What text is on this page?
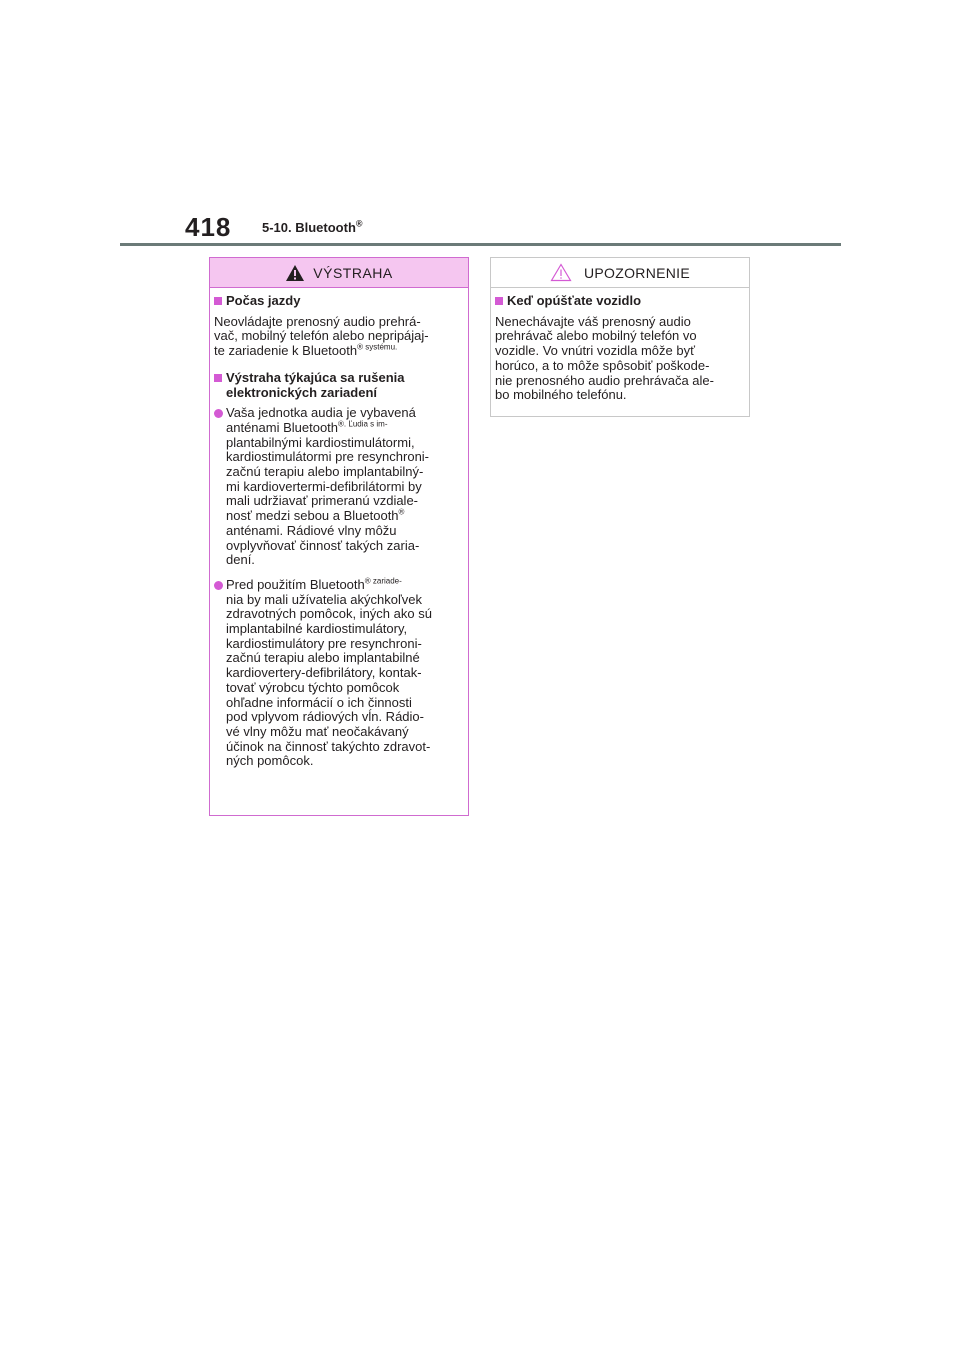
418 5-10. Bluetooth®
VÝSTRAHA
Počas jazdy
Neovládajte prenosný audio prehrá-
vač, mobilný telefón alebo nepripájaj-
te zariadenie k Bluetooth$^{® systému.}$
Výstraha týkajúca sa rušenia
elektronických zariadení
Vaša jednotka audia je vybavená
anténami Bluetooth$^{®. Ľudia s im-}$
plantabilnými kardiostimulátormi,
kardiostimulátormi pre resynchroni-
začnú terapiu alebo implantabilný-
mi kardiovertermi-defibrilátormi by
mali udržiavať primeranú vzdiale-
nosť medzi sebou a Bluetooth®
anténami. Rádiové vlny môžu
ovplyvňovať činnosť takých zaria-
dení.
Pred použitím Bluetooth$^{® zariade-}$
nia by mali užívatelia akýchkoľvek
zdravotných pomôcok, iných ako sú
implantabilné kardiostimulátory,
kardiostimulátory pre resynchroni-
začnú terapiu alebo implantabilné
kardiovertery-defibrilátory, kontak-
tovať výrobcu týchto pomôcok
ohľadne informácií o ich činnosti
pod vplyvom rádiových vĺn. Rádio-
vé vlny môžu mať neočakávaný
účinok na činnosť takýchto zdravot-
ných pomôcok.
UPOZORNENIE
Keď opúšťate vozidlo
Nenechávajte váš prenosný audio
prehrávač alebo mobilný telefón vo
vozidle. Vo vnútri vozidla môže byť
horúco, a to môže spôsobiť poškode-
nie prenosného audio prehrávača ale-
bo mobilného telefónu.
